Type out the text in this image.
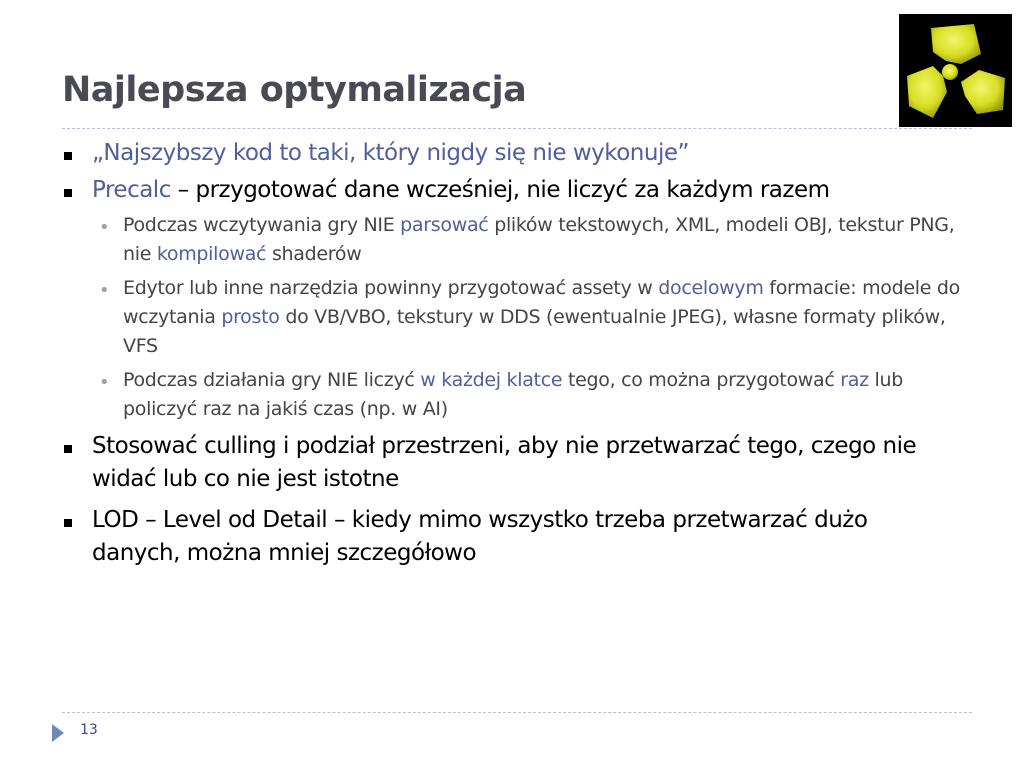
Najlepsza optymalizacja
„Najszybszy kod to taki, który nigdy się nie wykonuje”
Precalc – przygotować dane wcześniej, nie liczyć za każdym razem
• Podczas wczytywania gry NIE parsować plików tekstowych, XML, modeli OBJ, tekstur PNG, nie kompilować shaderów
• Edytor lub inne narzędzia powinny przygotować assety w docelowym formacie: modele do wczytania prosto do VB/VBO, tekstury w DDS (ewentualnie JPEG), własne formaty plików, VFS
• Podczas działania gry NIE liczyć w każdej klatce tego, co można przygotować raz lub policzyć raz na jakiś czas (np. w AI)
Stosować culling i podział przestrzeni, aby nie przetwarzać tego, czego nie widać lub co nie jest istotne
LOD – Level od Detail – kiedy mimo wszystko trzeba przetwarzać dużo danych, można mniej szczegółowo
13
